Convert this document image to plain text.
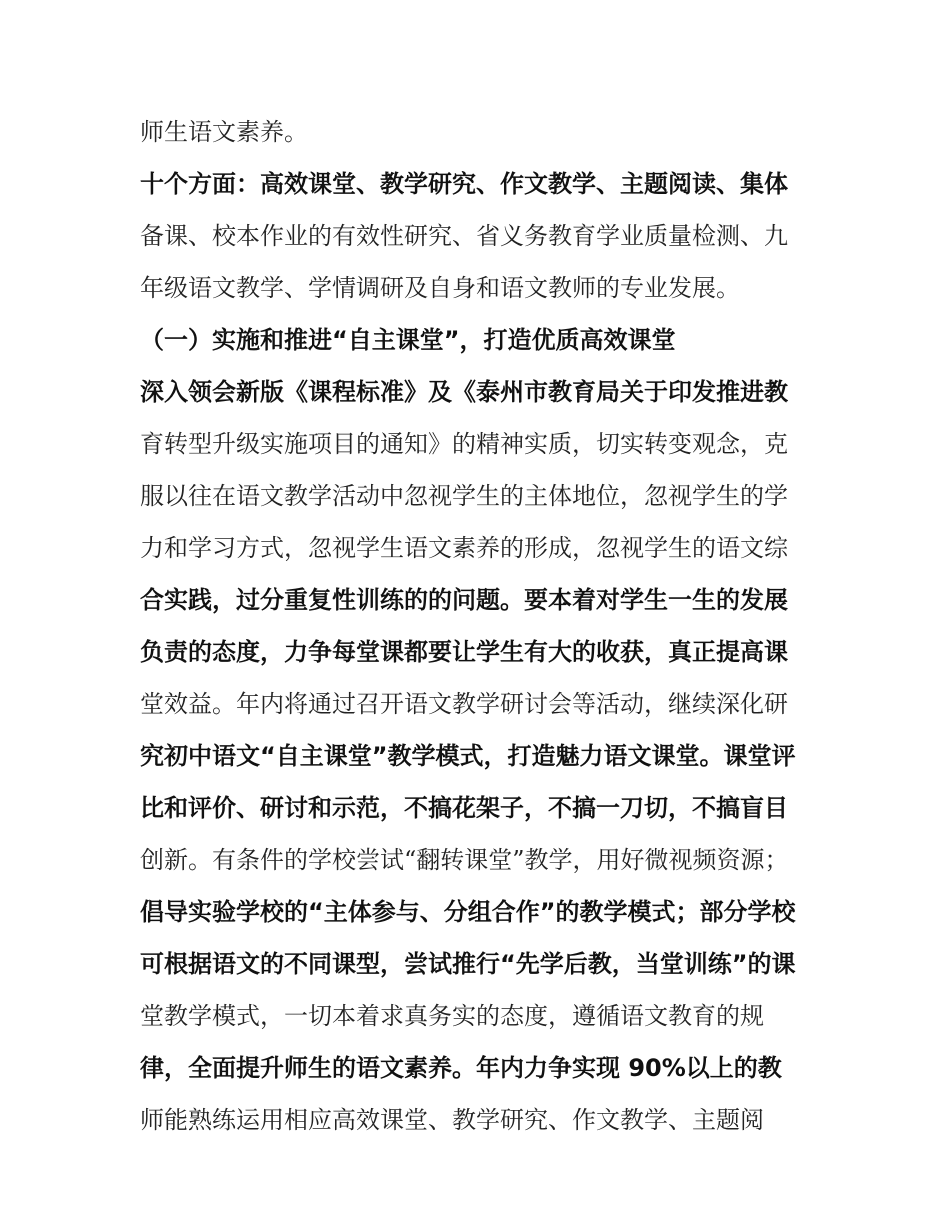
师生语文素养。
十个方面：高效课堂、教学研究、作文教学、主题阅读、集体
备课、校本作业的有效性研究、省义务教育学业质量检测、九
年级语文教学、学情调研及自身和语文教师的专业发展。
（一）实施和推进“自主课堂”，打造优质高效课堂
深入领会新版《课程标准》及《泰州市教育局关于印发推进教
育转型升级实施项目的通知》的精神实质，切实转变观念，克
服以往在语文教学活动中忽视学生的主体地位，忽视学生的学
力和学习方式，忽视学生语文素养的形成，忽视学生的语文综
合实践，过分重复性训练的的问题。要本着对学生一生的发展
负责的态度，力争每堂课都要让学生有大的收获，真正提高课
堂效益。年内将通过召开语文教学研讨会等活动，继续深化研
究初中语文“自主课堂”教学模式，打造魅力语文课堂。课堂评
比和评价、研讨和示范，不搞花架子，不搞一刀切，不搞盲目
创新。有条件的学校尝试“翻转课堂”教学，用好微视频资源；
倡导实验学校的“主体参与、分组合作”的教学模式；部分学校
可根据语文的不同课型，尝试推行“先学后教，当堂训练”的课
堂教学模式，一切本着求真务实的态度，遵循语文教育的规
律，全面提升师生的语文素养。年内力争实现 90%以上的教
师能熟练运用相应高效课堂、教学研究、作文教学、主题阅
